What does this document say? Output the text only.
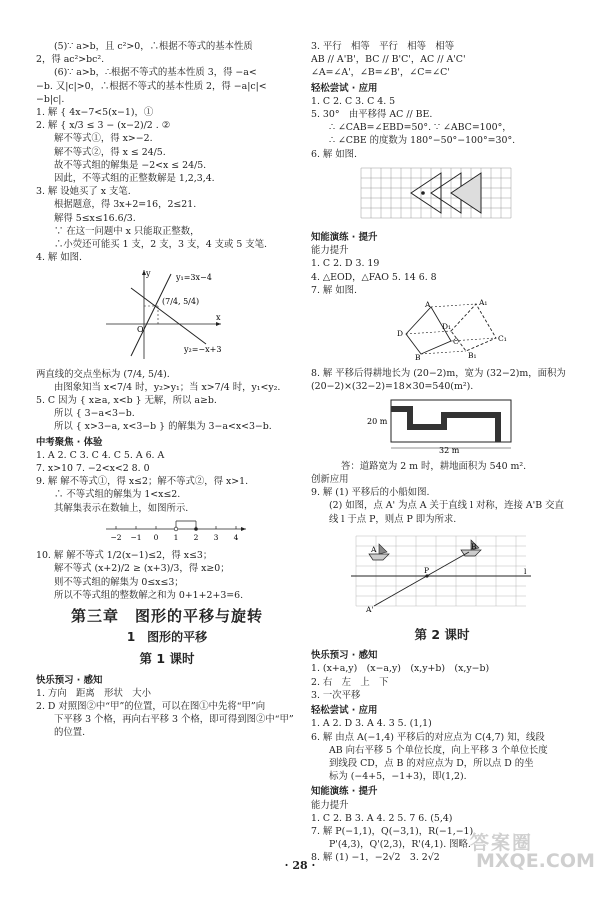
(5)∵ a>b，且 c²>0，∴根据不等式的基本性质
2，得 ac²>bc².
(6)∵ a>b，∴根据不等式的基本性质 3，得 −a<
−b. 又|c|>0，∴根据不等式的基本性质 2，得 −a|c|<
−b|c|.
1. 解 { 4x−7<5(x−1)，①
2. 解 { x/3 ≤ 3 − (x−2)/2 . ②
解不等式①，得 x>−2.
解不等式②，得 x ≤ 24/5.
故不等式组的解集是 −2<x ≤ 24/5.
因此，不等式组的正整数解是 1,2,3,4.
3. 解 设她买了 x 支笔.
根据题意，得 3x+2=16，2≤21.
解得 5≤x≤16.6/3.
∵ 在这一问题中 x 只能取正整数，
∴小荧还可能买 1 支，2 支，3 支，4 支或 5 支笔.
4. 解 如图.
y
x
O
y₁=3x−4
y₂=−x+3
(7/4, 5/4)
两直线的交点坐标为 (7/4, 5/4).
由图象知当 x<7/4 时，y₂>y₁；当 x>7/4 时，y₁<y₂.
5. C 因为 { x≥a, x<b } 无解，所以 a≥b.
所以 { 3−a<3−b.
所以 { x>3−a, x<3−b } 的解集为 3−a<x<3−b.
中考聚焦 · 体验
1. A 2. C 3. C 4. C 5. A 6. A
7. x>10 7. −2<x<2 8. 0
9. 解 解不等式①，得 x≤2；解不等式②，得 x>1.
∴ 不等式组的解集为 1<x≤2.
其解集表示在数轴上，如图所示.
−2 −1 0 1 2 3 4
10. 解 解不等式 1/2(x−1)≤2，得 x≤3；
解不等式 (x+2)/2 ≥ (x+3)/3，得 x≥0；
则不等式组的解集为 0≤x≤3；
所以不等式组的整数解之和为 0+1+2+3=6.
第三章　图形的平移与旋转
1　图形的平移
第 1 课时
快乐预习 · 感知
1. 方向　距离　形状　大小
2. D 对照图②中“甲”的位置，可以在图①中先将“甲”向
下平移 3 个格，再向右平移 3 个格，即可得到图②中“甲”
的位置.
3. 平行　相等　平行　相等　相等
AB // A'B'，BC // B'C'，AC // A'C'
∠A=∠A'，∠B=∠B'，∠C=∠C'
轻松尝试 · 应用
1. C 2. C 3. C 4. 5
5. 30°　由平移得 AC // BE.
∴ ∠CAB=∠EBD=50°. ∵ ∠ABC=100°，
∴ ∠CBE 的度数为 180°−50°−100°=30°.
6. 解 如图.
知能演练 · 提升
能力提升
1. C 2. D 3. 19
4. △EOD，△FAO 5. 14 6. 8
7. 解 如图.
A	A₁
D
D₁
C	C₁
B	B₁
8. 解 平移后得耕地长为 (20−2)m，宽为 (32−2)m，面积为
(20−2)×(32−2)=18×30=540(m²).
20 m
32 m
答：道路宽为 2 m 时，耕地面积为 540 m².
创新应用
9. 解 (1) 平移后的小船如图.
(2) 如图，点 A' 为点 A 关于直线 l 对称，连接 A'B 交直
线 l 于点 P，则点 P 即为所求.
A'
A	B
P	l
第 2 课时
快乐预习 · 感知
1. (x+a,y)　(x−a,y)　(x,y+b)　(x,y−b)
2. 右　左　上　下
3. 一次平移
轻松尝试 · 应用
1. A 2. D 3. A 4. 3 5. (1,1)
6. 解 由点 A(−1,4) 平移后的对应点为 C(4,7) 知，线段
AB 向右平移 5 个单位长度，向上平移 3 个单位长度
到线段 CD，点 B 的对应点为 D，所以点 D 的坐
标为 (−4+5，−1+3)，即(1,2).
知能演练 · 提升
能力提升
1. C 2. B 3. A 4. 2 5. 7 6. (5,4)
7. 解 P(−1,1)，Q(−3,1)，R(−1,−1).
P'(4,3)，Q'(2,3)，R'(4,1). 图略.
8. 解 (1) −1，−2√2　3. 2√2
· 28 ·
答案圈
MXQE.COM
